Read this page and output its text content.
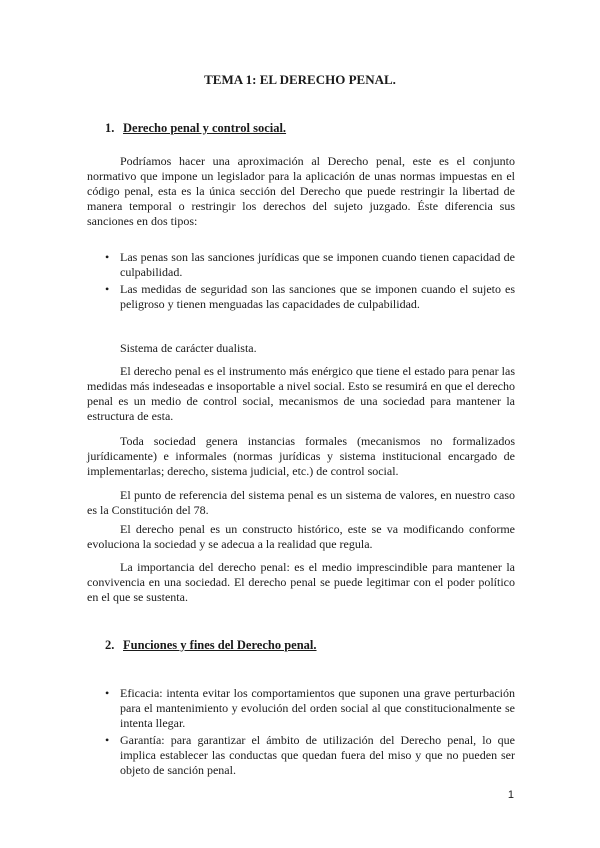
TEMA 1: EL DERECHO PENAL.
1. Derecho penal y control social.

Podríamos hacer una aproximación al Derecho penal, este es el conjunto normativo que impone un legislador para la aplicación de unas normas impuestas en el código penal, esta es la única sección del Derecho que puede restringir la libertad de manera temporal o restringir los derechos del sujeto juzgado. Éste diferencia sus sanciones en dos tipos:

• Las penas son las sanciones jurídicas que se imponen cuando tienen capacidad de culpabilidad.
• Las medidas de seguridad son las sanciones que se imponen cuando el sujeto es peligroso y tienen menguadas las capacidades de culpabilidad.

Sistema de carácter dualista.

El derecho penal es el instrumento más enérgico que tiene el estado para penar las medidas más indeseadas e insoportable a nivel social. Esto se resumirá en que el derecho penal es un medio de control social, mecanismos de una sociedad para mantener la estructura de esta.

Toda sociedad genera instancias formales (mecanismos no formalizados jurídicamente) e informales (normas jurídicas y sistema institucional encargado de implementarlas; derecho, sistema judicial, etc.) de control social.

El punto de referencia del sistema penal es un sistema de valores, en nuestro caso es la Constitución del 78.

El derecho penal es un constructo histórico, este se va modificando conforme evoluciona la sociedad y se adecua a la realidad que regula.

La importancia del derecho penal: es el medio imprescindible para mantener la convivencia en una sociedad. El derecho penal se puede legitimar con el poder político en el que se sustenta.

2. Funciones y fines del Derecho penal.
• Eficacia: intenta evitar los comportamientos que suponen una grave perturbación para el mantenimiento y evolución del orden social al que constitucionalmente se intenta llegar.
• Garantía: para garantizar el ámbito de utilización del Derecho penal, lo que implica establecer las conductas que quedan fuera del miso y que no pueden ser objeto de sanción penal.
1
